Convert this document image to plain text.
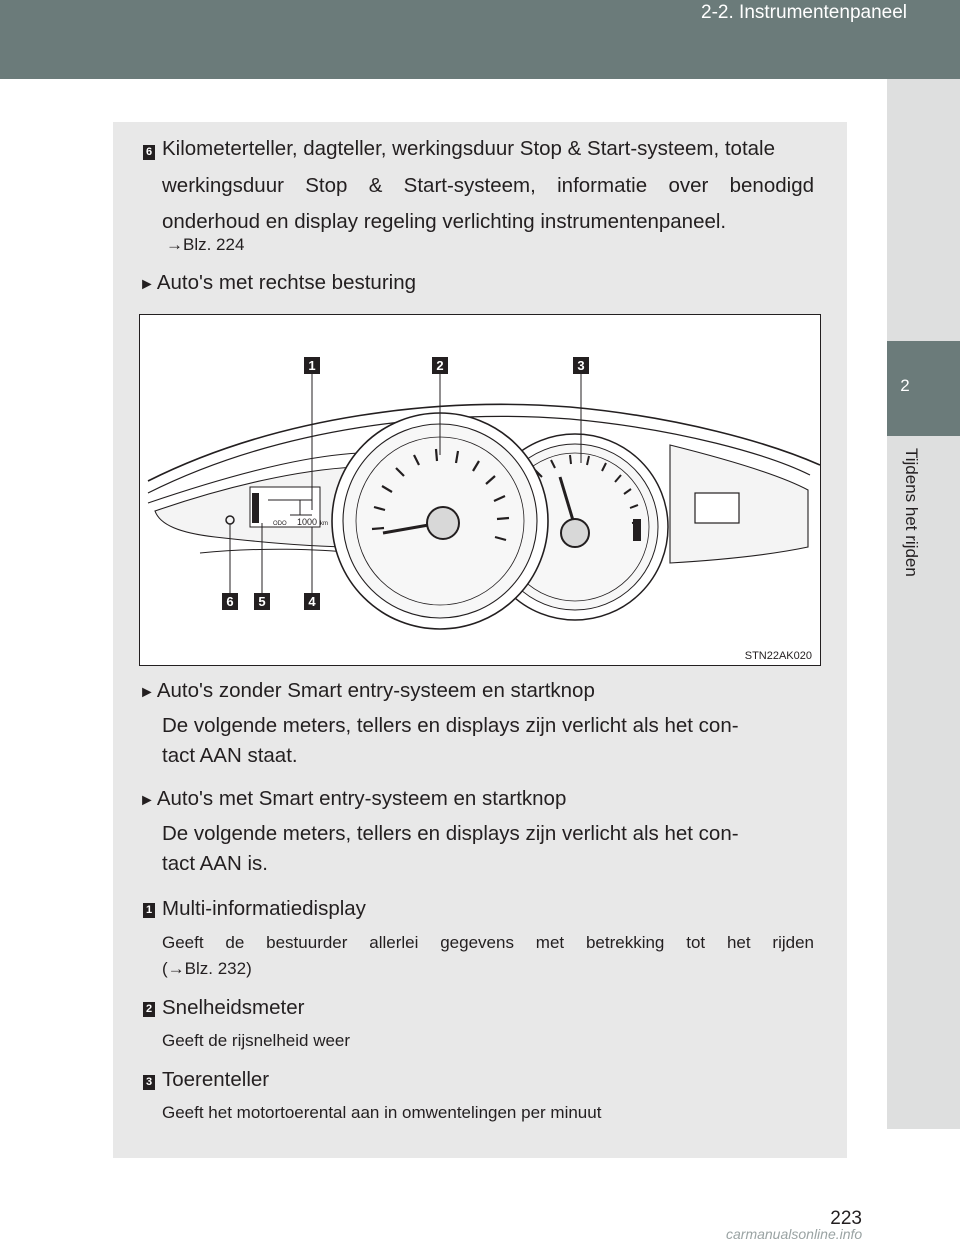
2-2. Instrumentenpaneel
2
Tijdens het rijden
6 Kilometerteller, dagteller, werkingsduur Stop & Start-systeem, totale
werkingsduur Stop & Start-systeem, informatie over benodigd
onderhoud en display regeling verlichting instrumentenpaneel.
→Blz. 224
►Auto's met rechtse besturing
ODO 1000 km
1	2	3
6 5	4
STN22AK020
►Auto's zonder Smart entry-systeem en startknop
De volgende meters, tellers en displays zijn verlicht als het con-
tact AAN staat.
►Auto's met Smart entry-systeem en startknop
De volgende meters, tellers en displays zijn verlicht als het con-
tact AAN is.
1 Multi-informatiedisplay
Geeft de bestuurder allerlei gegevens met betrekking tot het rijden
(→Blz. 232)
2 Snelheidsmeter
Geeft de rijsnelheid weer
3 Toerenteller
Geeft het motortoerental aan in omwentelingen per minuut
223
carmanualsonline.info
